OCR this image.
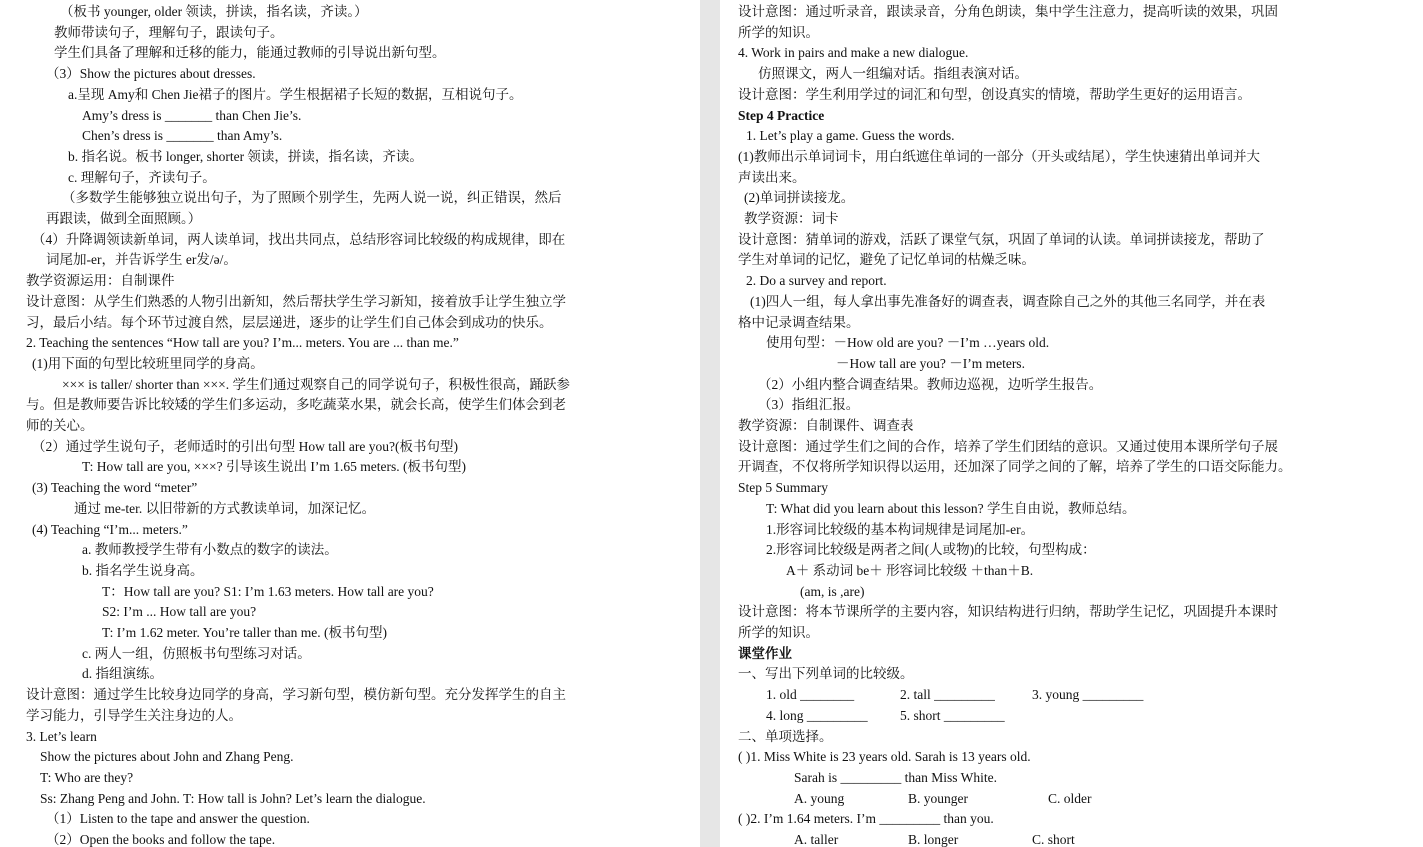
（板书 younger, older 领读，拼读，指名读，齐读。）
教师带读句子，理解句子，跟读句子。
学生们具备了理解和迁移的能力，能通过教师的引导说出新句型。
（3）Show the pictures about dresses.
a.呈现 Amy和 Chen Jie裙子的图片。学生根据裙子长短的数据，互相说句子。
Amy’s dress is _______ than Chen Jie’s.
Chen’s dress is _______ than Amy’s.
b. 指名说。板书 longer, shorter 领读，拼读，指名读，齐读。
c. 理解句子，齐读句子。
（多数学生能够独立说出句子，为了照顾个别学生，先两人说一说，纠正错误，然后
再跟读，做到全面照顾。）
（4）升降调领读新单词，两人读单词，找出共同点，总结形容词比较级的构成规律，即在
词尾加-er，并告诉学生 er发/ə/。
教学资源运用：自制课件
设计意图：从学生们熟悉的人物引出新知，然后帮扶学生学习新知，接着放手让学生独立学
习，最后小结。每个环节过渡自然，层层递进，逐步的让学生们自己体会到成功的快乐。
2. Teaching the sentences “How tall are you? I’m... meters. You are ... than me.”
(1)用下面的句型比较班里同学的身高。
××× is taller/ shorter than ×××. 学生们通过观察自己的同学说句子，积极性很高，踊跃参
与。但是教师要告诉比较矮的学生们多运动，多吃蔬菜水果，就会长高，使学生们体会到老
师的关心。
（2）通过学生说句子，老师适时的引出句型 How tall are you?(板书句型)
T: How tall are you, ×××? 引导该生说出 I’m 1.65 meters. (板书句型)
(3) Teaching the word “meter”
通过 me-ter. 以旧带新的方式教读单词，加深记忆。
(4) Teaching “I’m... meters.”
a. 教师教授学生带有小数点的数字的读法。
b. 指名学生说身高。
T：How tall are you? S1: I’m 1.63 meters. How tall are you?
S2: I’m ... How tall are you?
T: I’m 1.62 meter. You’re taller than me. (板书句型)
c. 两人一组，仿照板书句型练习对话。
d. 指组演练。
设计意图：通过学生比较身边同学的身高，学习新句型，模仿新句型。充分发挥学生的自主
学习能力，引导学生关注身边的人。
3. Let’s learn
Show the pictures about John and Zhang Peng.
T: Who are they?
Ss: Zhang Peng and John. T: How tall is John? Let’s learn the dialogue.
（1）Listen to the tape and answer the question.
（2）Open the books and follow the tape.
设计意图：通过听录音，跟读录音，分角色朗读，集中学生注意力，提高听读的效果，巩固
所学的知识。
4. Work in pairs and make a new dialogue.
仿照课文，两人一组编对话。指组表演对话。
设计意图：学生利用学过的词汇和句型，创设真实的情境，帮助学生更好的运用语言。
Step 4 Practice
1. Let’s play a game. Guess the words.
(1)教师出示单词词卡，用白纸遮住单词的一部分（开头或结尾），学生快速猜出单词并大
声读出来。
(2)单词拼读接龙。
教学资源：词卡
设计意图：猜单词的游戏，活跃了课堂气氛，巩固了单词的认读。单词拼读接龙，帮助了
学生对单词的记忆，避免了记忆单词的枯燥乏味。
2. Do a survey and report.
(1)四人一组，每人拿出事先准备好的调查表，调查除自己之外的其他三名同学，并在表
格中记录调查结果。
使用句型：－How old are you? －I’m …years old.
－How tall are you? －I’m meters.
（2）小组内整合调查结果。教师边巡视，边听学生报告。
（3）指组汇报。
教学资源：自制课件、调查表
设计意图：通过学生们之间的合作，培养了学生们团结的意识。又通过使用本课所学句子展
开调查，不仅将所学知识得以运用，还加深了同学之间的了解，培养了学生的口语交际能力。
Step 5 Summary
T: What did you learn about this lesson? 学生自由说，教师总结。
1.形容词比较级的基本构词规律是词尾加-er。
2.形容词比较级是两者之间(人或物)的比较，句型构成：
A＋ 系动词 be＋ 形容词比较级 ＋than＋B.
(am, is ,are)
设计意图：将本节课所学的主要内容，知识结构进行归纳，帮助学生记忆，巩固提升本课时
所学的知识。
课堂作业
一、写出下列单词的比较级。
二、单项选择。
( )1. Miss White is 23 years old. Sarah is 13 years old.
Sarah is _________ than Miss White.
( )2. I’m 1.64 meters. I’m _________ than you.
1. old ________	2. tall _________	3. young _________
4. long _________ 5. short _________
A. young	B. younger	C. older
A. taller	B. longer	C. short
